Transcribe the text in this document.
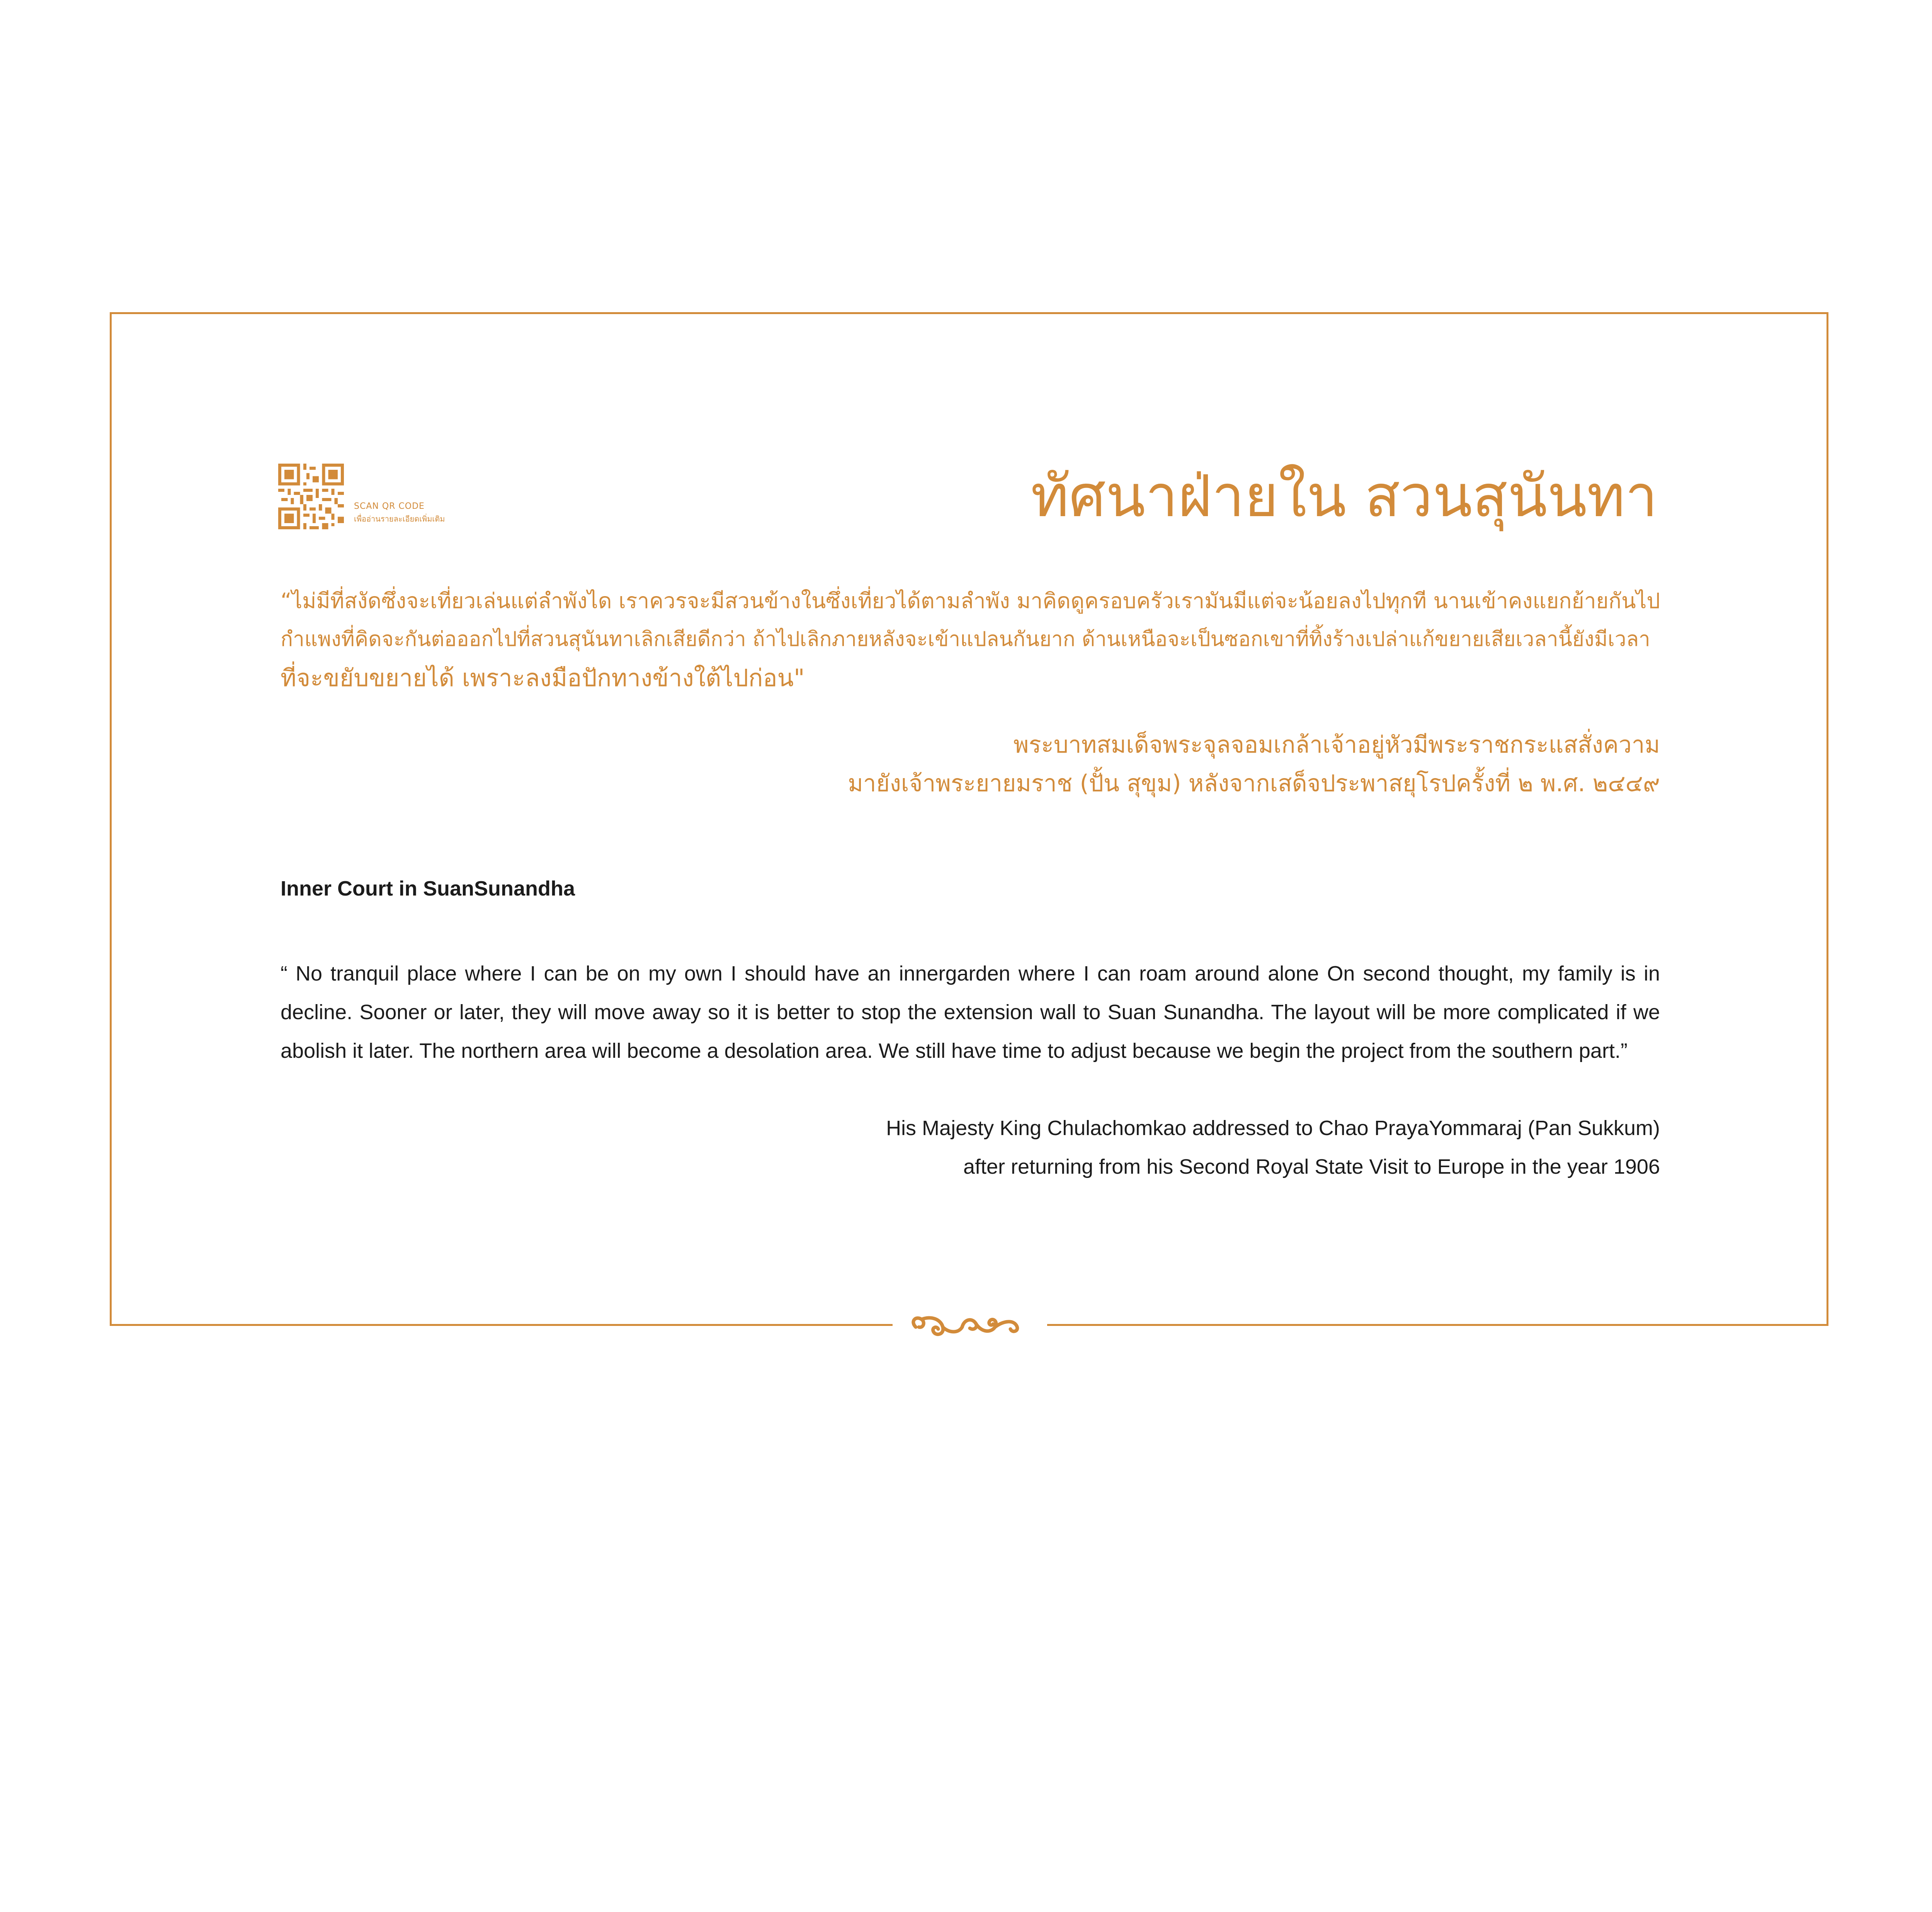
SCAN QR CODE
เพื่ออ่านรายละเอียดเพิ่มเติม	ทัศนาฝ่ายใน สวนสุนันทา
“ไม่มีที่สงัดซึ่งจะเที่ยวเล่นแต่ลำพังได เราควรจะมีสวนข้างในซึ่งเที่ยวได้ตามลำพัง มาคิดดูครอบครัวเรามันมีแต่จะน้อยลงไปทุกที นานเข้าคงแยกย้ายกันไป
กำแพงที่คิดจะกันต่อออกไปที่สวนสุนันทาเลิกเสียดีกว่า ถ้าไปเลิกภายหลังจะเข้าแปลนกันยาก ด้านเหนือจะเป็นซอกเขาที่ทิ้งร้างเปล่าแก้ขยายเสียเวลานี้ยังมีเวลา
ที่จะขยับขยายได้ เพราะลงมือปักทางข้างใต้ไปก่อน"
พระบาทสมเด็จพระจุลจอมเกล้าเจ้าอยู่หัวมีพระราชกระแสสั่งความ
มายังเจ้าพระยายมราช (ปั้น สุขุม) หลังจากเสด็จประพาสยุโรปครั้งที่ ๒ พ.ศ. ๒๔๔๙
Inner Court in SuanSunandha
“ No tranquil place where I can be on my own I should have an innergarden where I can roam around alone On second thought, my family is in decline. Sooner or later, they will move away so it is better to stop the extension wall to Suan Sunandha. The layout will be more complicated if we abolish it later. The northern area will become a desolation area. We still have time to adjust because we begin the project from the southern part.”
His Majesty King Chulachomkao addressed to Chao PrayaYommaraj (Pan Sukkum)
after returning from his Second Royal State Visit to Europe in the year 1906
